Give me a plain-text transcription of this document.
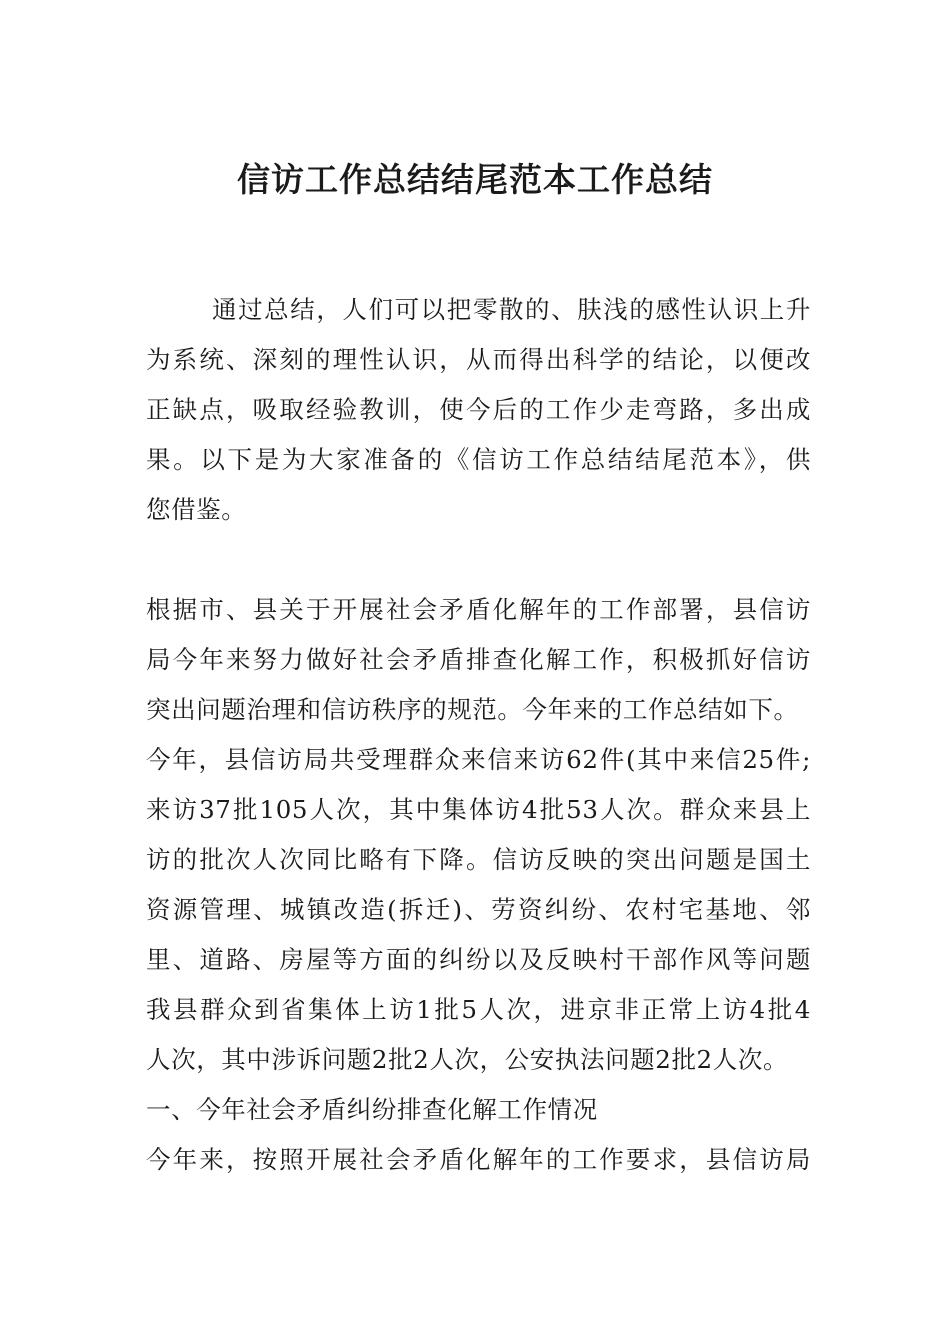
信访工作总结结尾范本工作总结
通过总结，人们可以把零散的、肤浅的感性认识上升
为系统、深刻的理性认识，从而得出科学的结论，以便改
正缺点，吸取经验教训，使今后的工作少走弯路，多出成
果。以下是为大家准备的《信访工作总结结尾范本》，供
您借鉴。
根据市、县关于开展社会矛盾化解年的工作部署，县信访
局今年来努力做好社会矛盾排查化解工作，积极抓好信访
突出问题治理和信访秩序的规范。今年来的工作总结如下。
今年，县信访局共受理群众来信来访62件(其中来信25件;
来访37批105人次，其中集体访4批53人次。群众来县上
访的批次人次同比略有下降。信访反映的突出问题是国土
资源管理、城镇改造(拆迁)、劳资纠纷、农村宅基地、邻
里、道路、房屋等方面的纠纷以及反映村干部作风等问题
我县群众到省集体上访1批5人次，进京非正常上访4批4
人次，其中涉诉问题2批2人次，公安执法问题2批2人次。
一、今年社会矛盾纠纷排查化解工作情况
今年来，按照开展社会矛盾化解年的工作要求，县信访局
